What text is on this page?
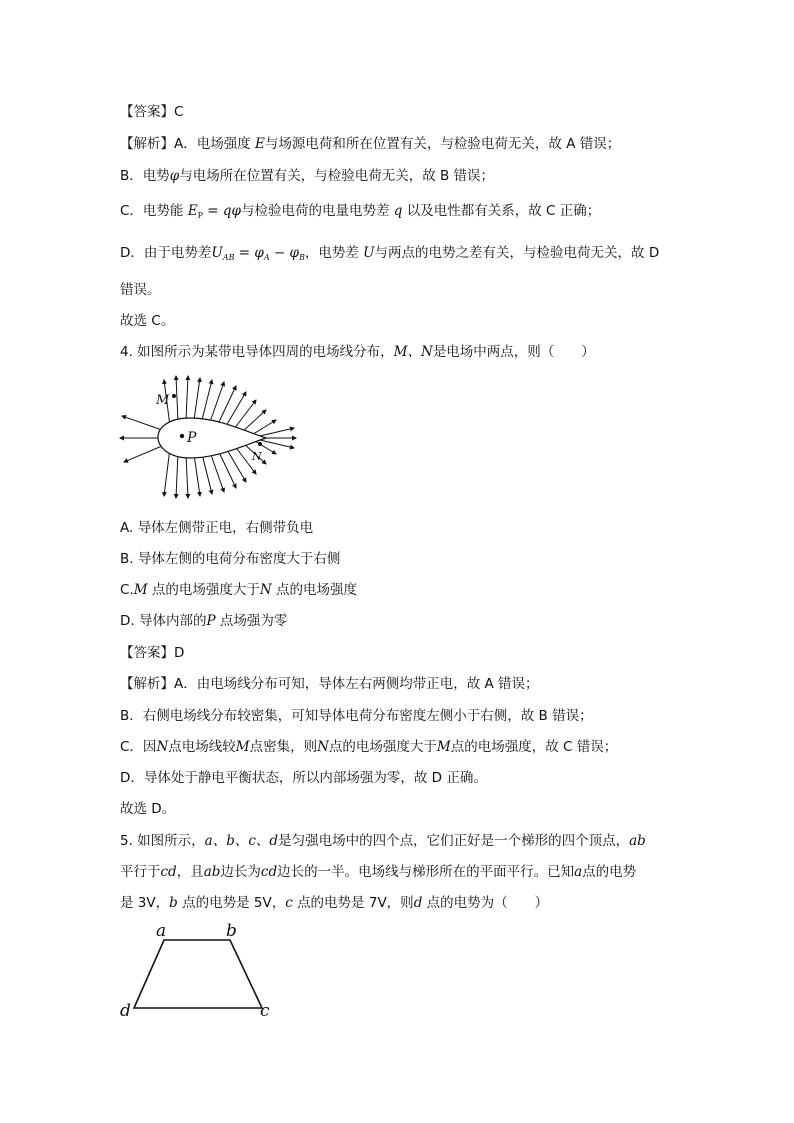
【答案】C
【解析】A．电场强度 E与场源电荷和所在位置有关，与检验电荷无关，故 A 错误；
B．电势φ与电场所在位置有关，与检验电荷无关，故 B 错误；
C．电势能 $E_P = q\varphi$与检验电荷的电量电势差 q 以及电性都有关系，故 C 正确；
D．由于电势差$U_{AB} = \varphi_A - \varphi_B$，电势差 U与两点的电势之差有关，与检验电荷无关，故 D
错误。
故选 C。
4. 如图所示为某带电导体四周的电场线分布，M、N是电场中两点，则（　　）
M
P
N
A. 导体左侧带正电，右侧带负电
B. 导体左侧的电荷分布密度大于右侧
C.M 点的电场强度大于N 点的电场强度
D. 导体内部的P 点场强为零
【答案】D
【解析】A．由电场线分布可知，导体左右两侧均带正电，故 A 错误；
B．右侧电场线分布较密集，可知导体电荷分布密度左侧小于右侧，故 B 错误；
C．因N点电场线较M点密集，则N点的电场强度大于M点的电场强度，故 C 错误；
D．导体处于静电平衡状态，所以内部场强为零，故 D 正确。
故选 D。
5. 如图所示，a、b、c、d是匀强电场中的四个点，它们正好是一个梯形的四个顶点，ab
平行于cd，且ab边长为cd边长的一半。电场线与梯形所在的平面平行。已知a点的电势
是 3V，b 点的电势是 5V，c 点的电势是 7V，则d 点的电势为（　　）
a	b
d	c
